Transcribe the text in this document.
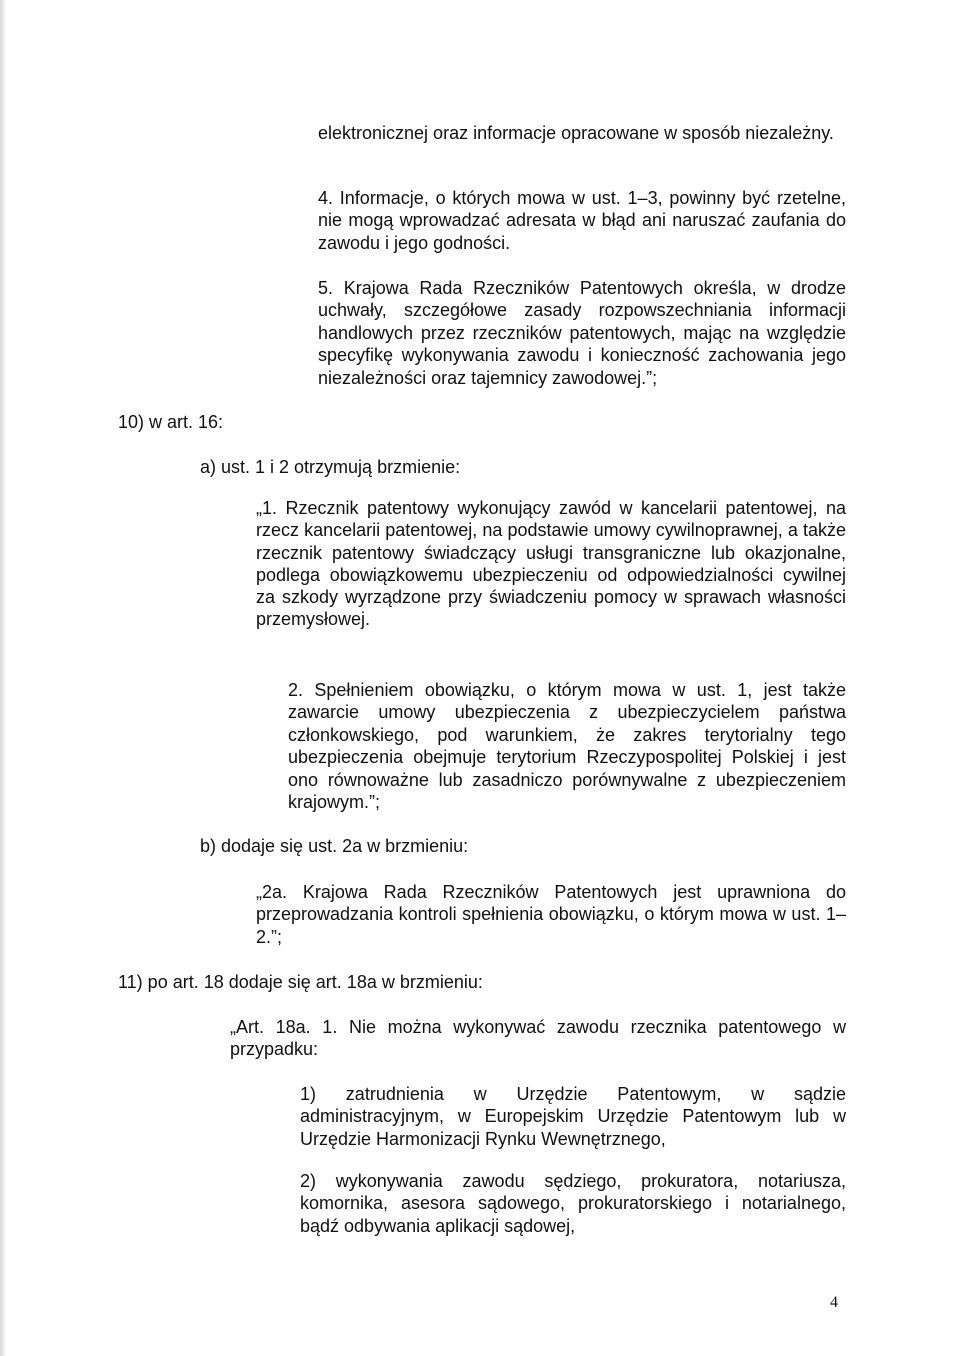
elektronicznej oraz informacje opracowane w sposób niezależny.

4. Informacje, o których mowa w ust. 1–3, powinny być rzetelne, nie mogą wprowadzać adresata w błąd ani naruszać zaufania do zawodu i jego godności.

5. Krajowa Rada Rzeczników Patentowych określa, w drodze uchwały, szczegółowe zasady rozpowszechniania informacji handlowych przez rzeczników patentowych, mając na względzie specyfikę wykonywania zawodu i konieczność zachowania jego niezależności oraz tajemnicy zawodowej.”;

10) w art. 16:

a) ust. 1 i 2 otrzymują brzmienie:

„1. Rzecznik patentowy wykonujący zawód w kancelarii patentowej, na rzecz kancelarii patentowej, na podstawie umowy cywilnoprawnej, a także rzecznik patentowy świadczący usługi transgraniczne lub okazjonalne, podlega obowiązkowemu ubezpieczeniu od odpowiedzialności cywilnej za szkody wyrządzone przy świadczeniu pomocy w sprawach własności przemysłowej.

2. Spełnieniem obowiązku, o którym mowa w ust. 1, jest także zawarcie umowy ubezpieczenia z ubezpieczycielem państwa członkowskiego, pod warunkiem, że zakres terytorialny tego ubezpieczenia obejmuje terytorium Rzeczypospolitej Polskiej i jest ono równoważne lub zasadniczo porównywalne z ubezpieczeniem krajowym.”;

b) dodaje się ust. 2a w brzmieniu:

„2a. Krajowa Rada Rzeczników Patentowych jest uprawniona do przeprowadzania kontroli spełnienia obowiązku, o którym mowa w ust. 1–2.”;

11) po art. 18 dodaje się art. 18a w brzmieniu:

„Art. 18a. 1. Nie można wykonywać zawodu rzecznika patentowego w przypadku:

1) zatrudnienia w Urzędzie Patentowym, w sądzie administracyjnym, w Europejskim Urzędzie Patentowym lub w Urzędzie Harmonizacji Rynku Wewnętrznego,

2) wykonywania zawodu sędziego, prokuratora, notariusza, komornika, asesora sądowego, prokuratorskiego i notarialnego, bądź odbywania aplikacji sądowej,

4
